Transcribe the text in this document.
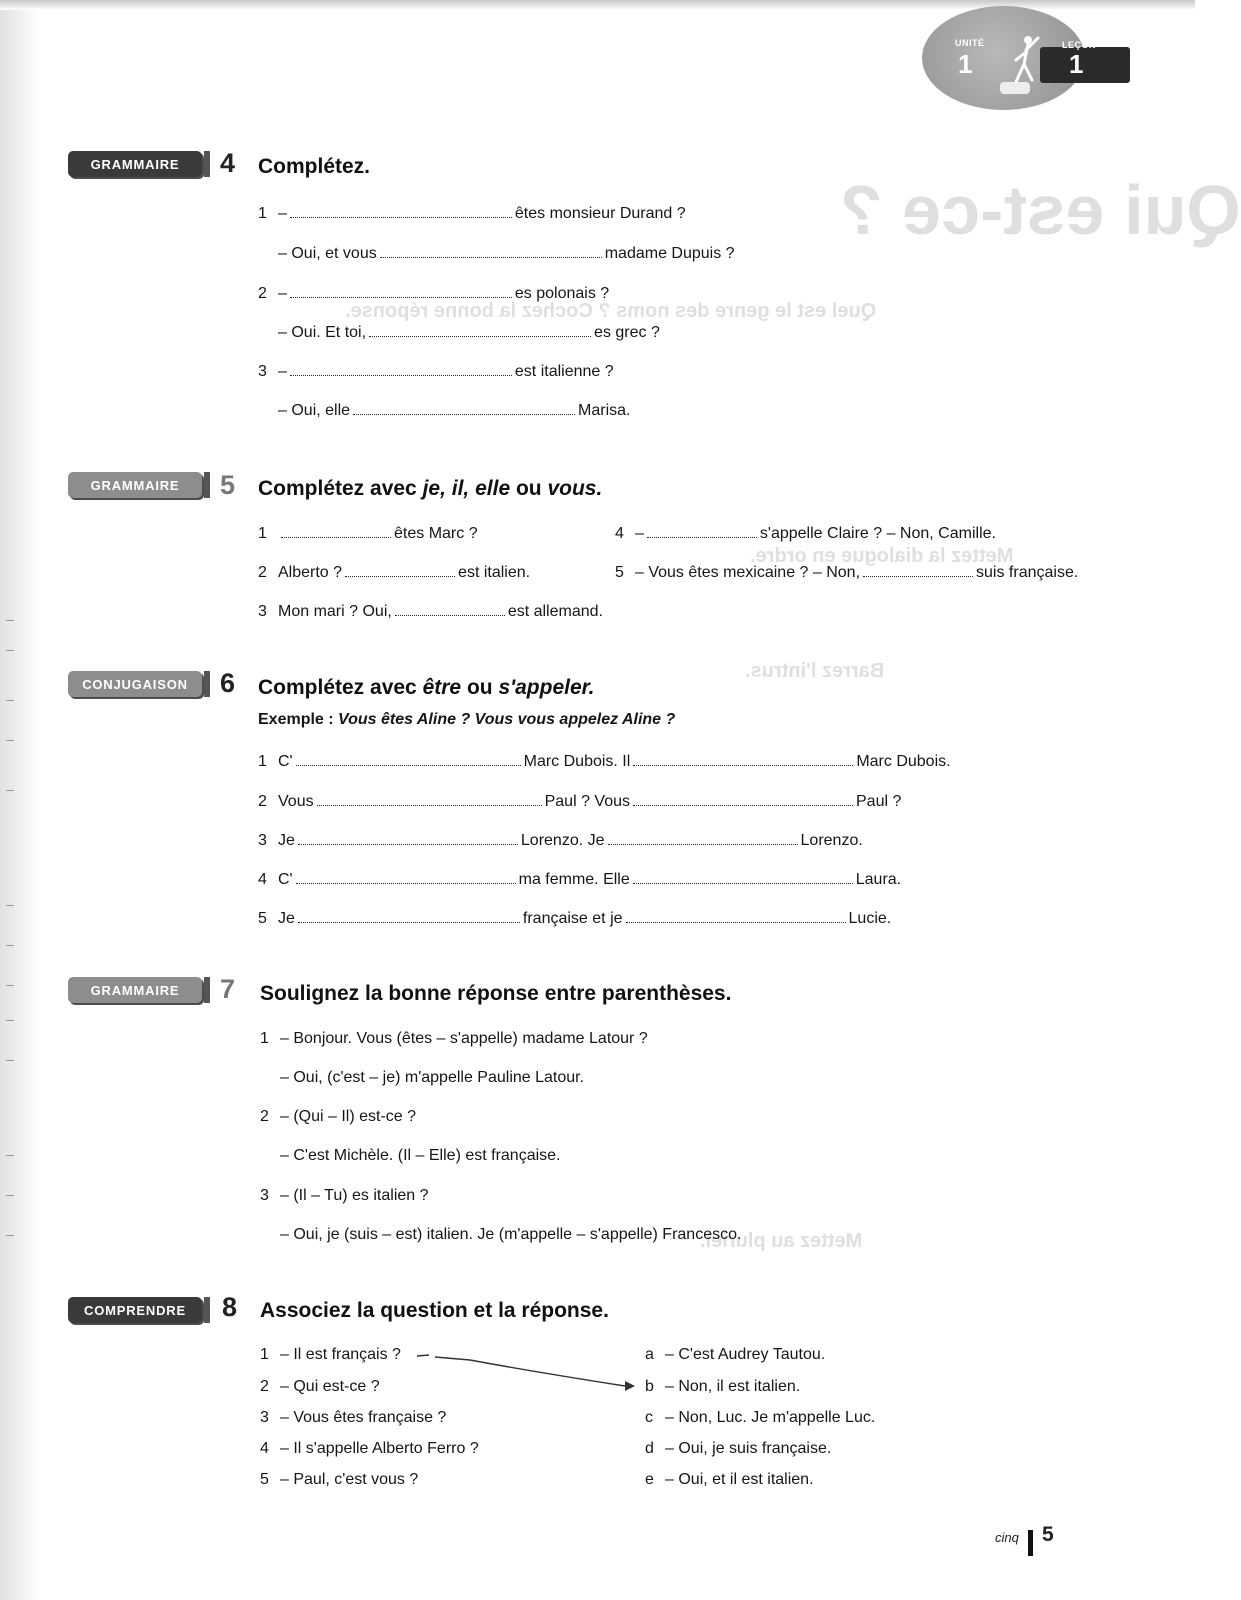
Qui est-ce ?
Quel est le genre des noms ? Cochez la bonne réponse.
Mettez la dialogue en ordre.
Barrez l'intrus.
Mettez au pluriel.
UNITÉ
1
LEÇON
1
GRAMMAIRE	4 Complétez.
1 –	êtes monsieur Durand ?
– Oui, et vous	madame Dupuis ?
2 –	es polonais ?
– Oui. Et toi,	es grec ?
3 –	est italienne ?
– Oui, elle	Marisa.
GRAMMAIRE	5 Complétez avec je, il, elle ou vous.
1	êtes Marc ?
2 Alberto ?	est italien.
3 Mon mari ? Oui,	est allemand.
4 –	s'appelle Claire ? – Non, Camille.
5 – Vous êtes mexicaine ? – Non,	suis française.
CONJUGAISON	6 Complétez avec être ou s'appeler.
Exemple : Vous êtes Aline ? Vous vous appelez Aline ?
1 C'	Marc Dubois. Il	Marc Dubois.
2 Vous	Paul ? Vous	Paul ?
3 Je	Lorenzo. Je	Lorenzo.
4 C'	ma femme. Elle	Laura.
5 Je	française et je	Lucie.
GRAMMAIRE	7 Soulignez la bonne réponse entre parenthèses.
1 – Bonjour. Vous (êtes – s'appelle) madame Latour ?
– Oui, (c'est – je) m'appelle Pauline Latour.
2 – (Qui – Il) est-ce ?
– C'est Michèle. (Il – Elle) est française.
3 – (Il – Tu) es italien ?
– Oui, je (suis – est) italien. Je (m'appelle – s'appelle) Francesco.
COMPRENDRE	8 Associez la question et la réponse.
1 – Il est français ?
2 – Qui est-ce ?
3 – Vous êtes française ?
4 – Il s'appelle Alberto Ferro ?
5 – Paul, c'est vous ?
a – C'est Audrey Tautou.
b – Non, il est italien.
c – Non, Luc. Je m'appelle Luc.
d – Oui, je suis française.
e – Oui, et il est italien.
cinq 5
